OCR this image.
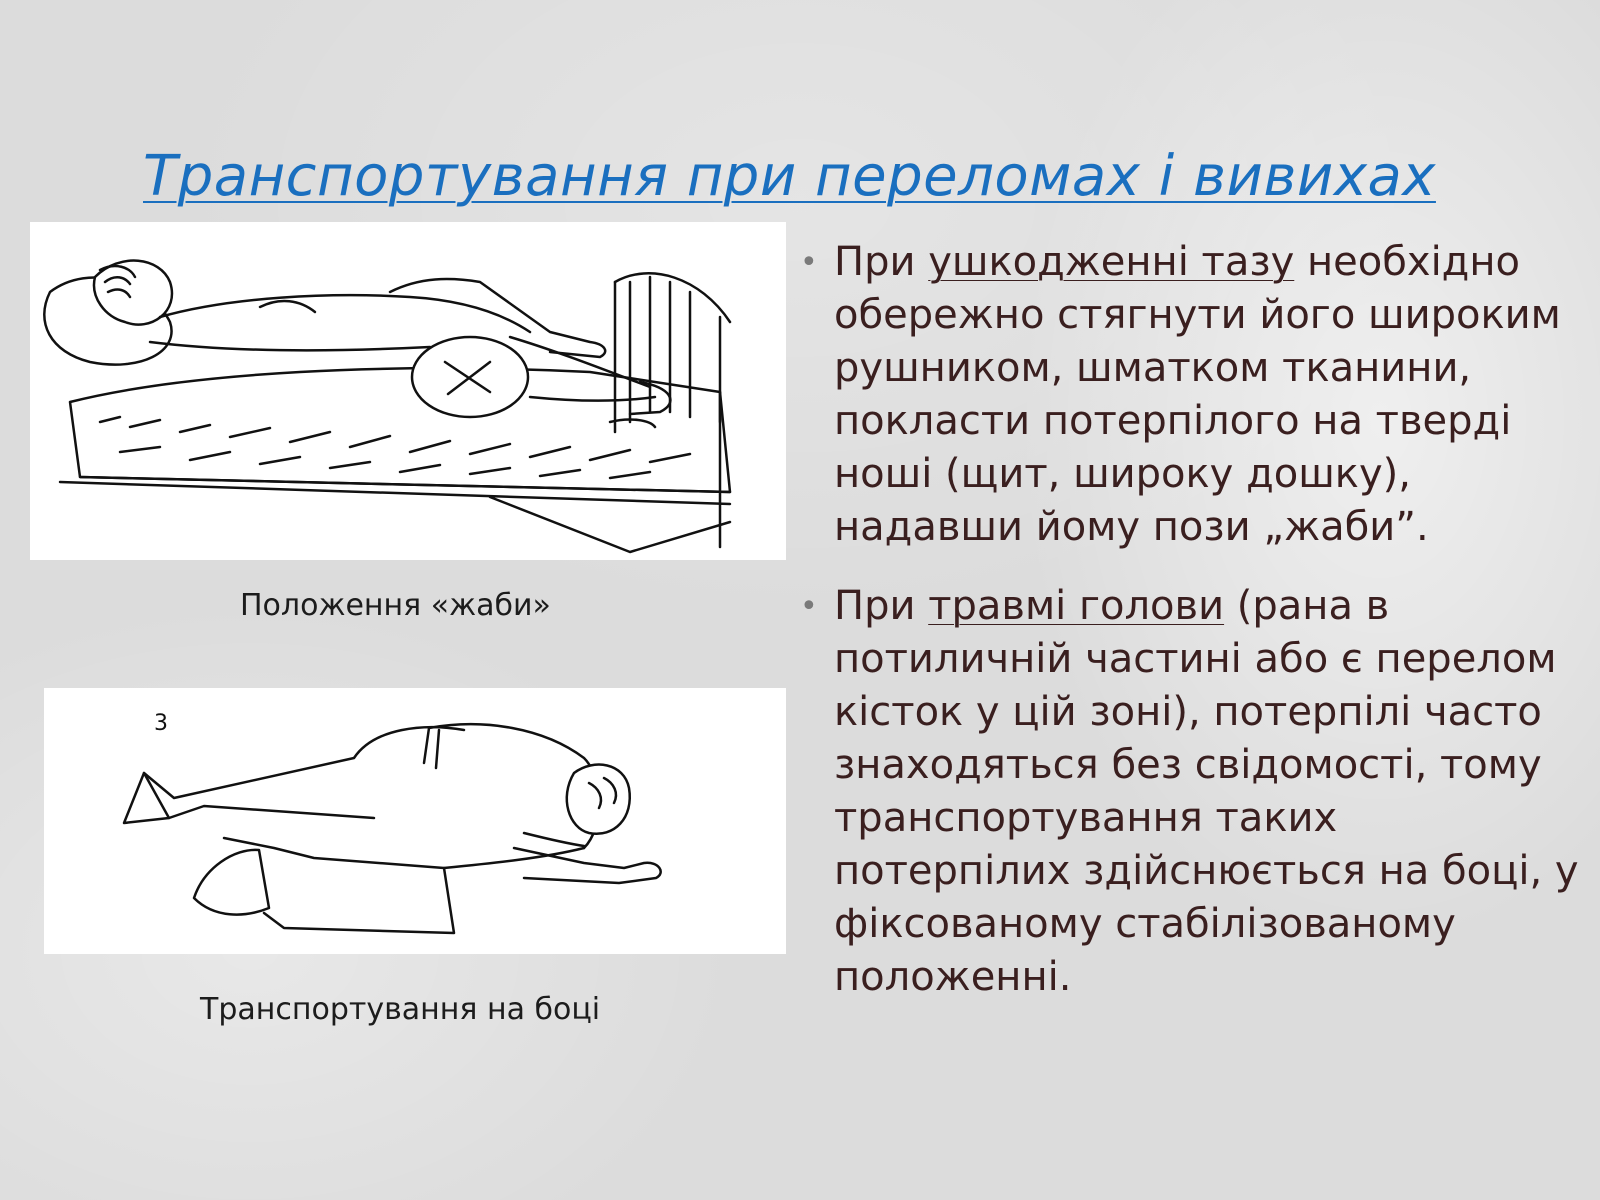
Транспортування при переломах і вивихах
Положення «жаби»
3
Транспортування на боці
• При ушкодженні тазу необхідно обережно стягнути його широким рушником, шматком тканини, покласти потерпілого на тверді ноші (щит, широку дошку), надавши йому пози „жаби”.
• При травмі голови (рана в потиличній частині або є перелом кісток у цій зоні), потерпілі часто знаходяться без свідомості, тому транспортування таких потерпілих здійснюється на боці, у фіксованому стабілізованому положенні.
